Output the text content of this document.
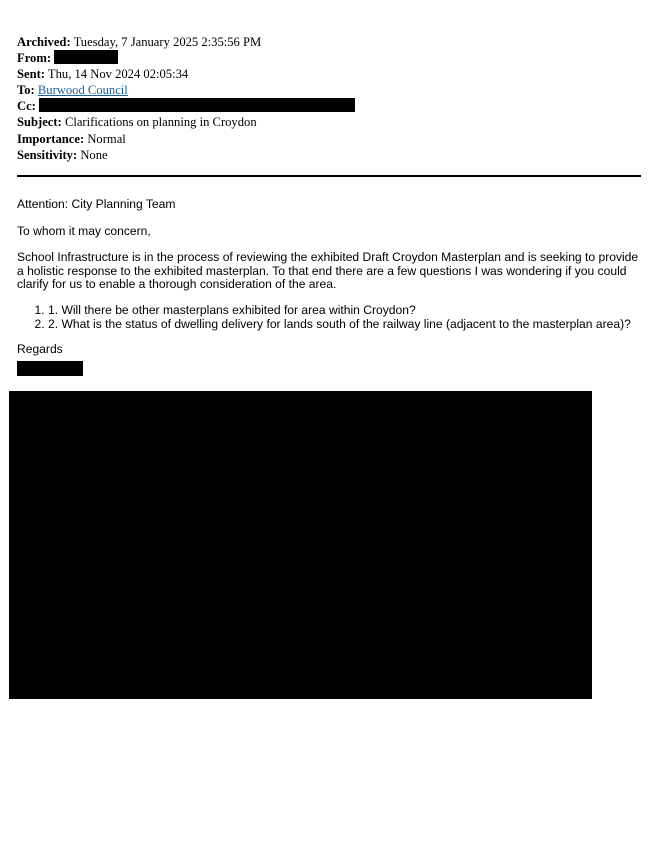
Archived: Tuesday, 7 January 2025 2:35:56 PM
From:
Sent: Thu, 14 Nov 2024 02:05:34
To: Burwood Council
Cc:
Subject: Clarifications on planning in Croydon
Importance: Normal
Sensitivity: None

Attention: City Planning Team

To whom it may concern,

School Infrastructure is in the process of reviewing the exhibited Draft Croydon Masterplan and is seeking to provide a holistic response to the exhibited masterplan. To that end there are a few questions I was wondering if you could clarify for us to enable a thorough consideration of the area.

1. 1. Will there be other masterplans exhibited for area within Croydon?
2. 2. What is the status of dwelling delivery for lands south of the railway line (adjacent to the masterplan area)?

Regards
